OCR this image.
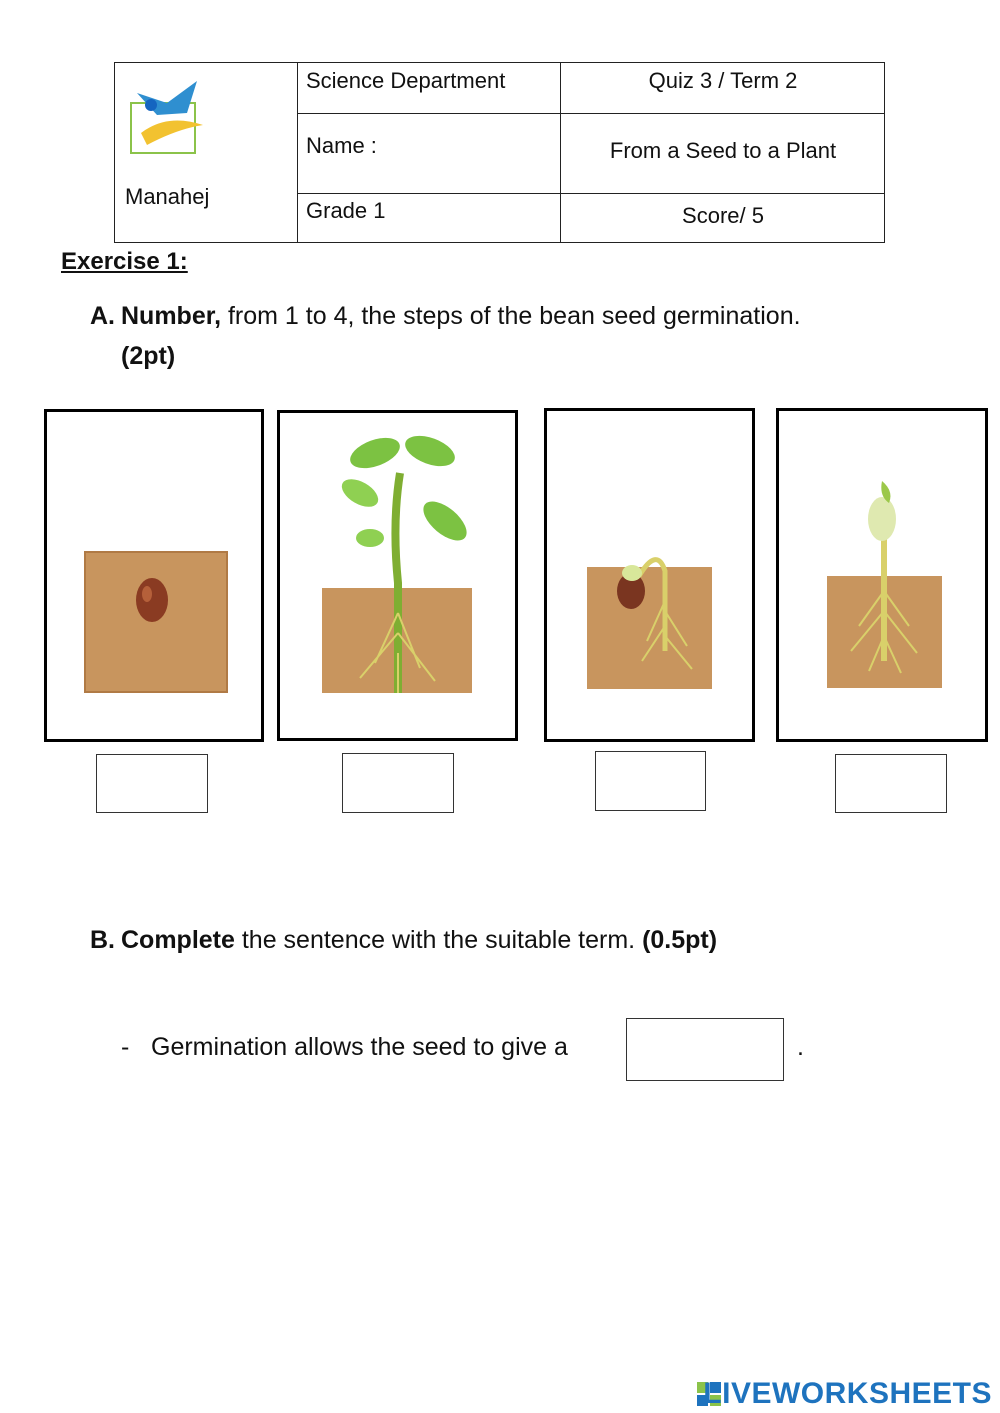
Manahej
Science Department	Quiz 3 / Term 2
Name :	From a Seed to a Plant
Grade 1	Score/ 5
Exercise 1:
A. Number, from 1 to 4, the steps of the bean seed germination.
(2pt)
B. Complete the sentence with the suitable term. (0.5pt)
- Germination allows the seed to give a	.
LIVEWORKSHEETS
